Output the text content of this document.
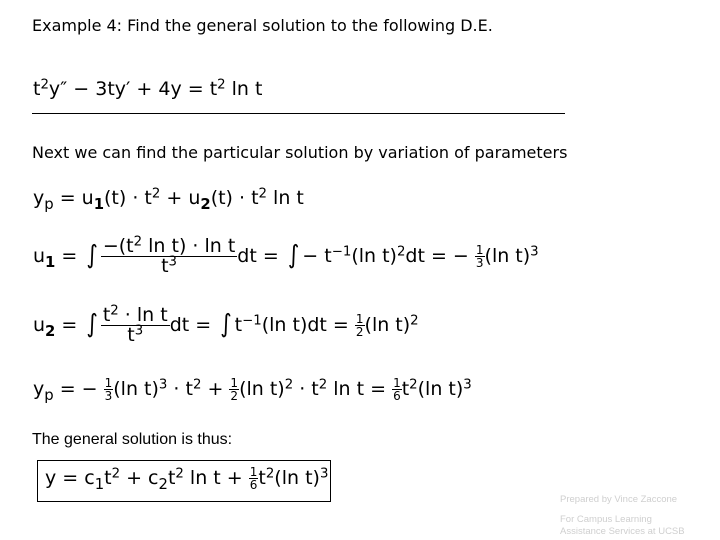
Example 4: Find the general solution to the following D.E.
$t^2y'' - 3ty' + 4y = t^2$ ln t
Next we can find the particular solution by variation of parameters
$y_p = u_1(t) \cdot t^2 + u_2(t) \cdot t^2$ ln t
$u_1$ = ∫ $\frac{-(t^2 \ln t) \cdot \ln t}{t^3}$ dt = ∫ − $t^{-1}(\ln$ t)$^2$dt = − $\frac{1}{3} (\ln$ t)$^3$
$u_2$ = ∫ $\frac{t^2 \cdot \ln t}{t^3}$ dt = ∫ $t^{-1}(\ln$ $t)dt = \frac{1}{2} (\ln$ t)$^2$
$y_p$ = − $\frac{1}{3} (\ln$ $t)^3 \cdot t^2 + \frac{1}{2} (\ln$ $t)^2 \cdot t^2$ $\ln t = \frac{1}{6} t^2(\ln$ t)$^3$
The general solution is thus:
$y = c_1t^2 + c_2t^2$ $\ln t + \frac{1}{6} t^2(\ln$ t)$^3$
Prepared by Vince Zaccone
For Campus Learning
Assistance Services at UCSB
